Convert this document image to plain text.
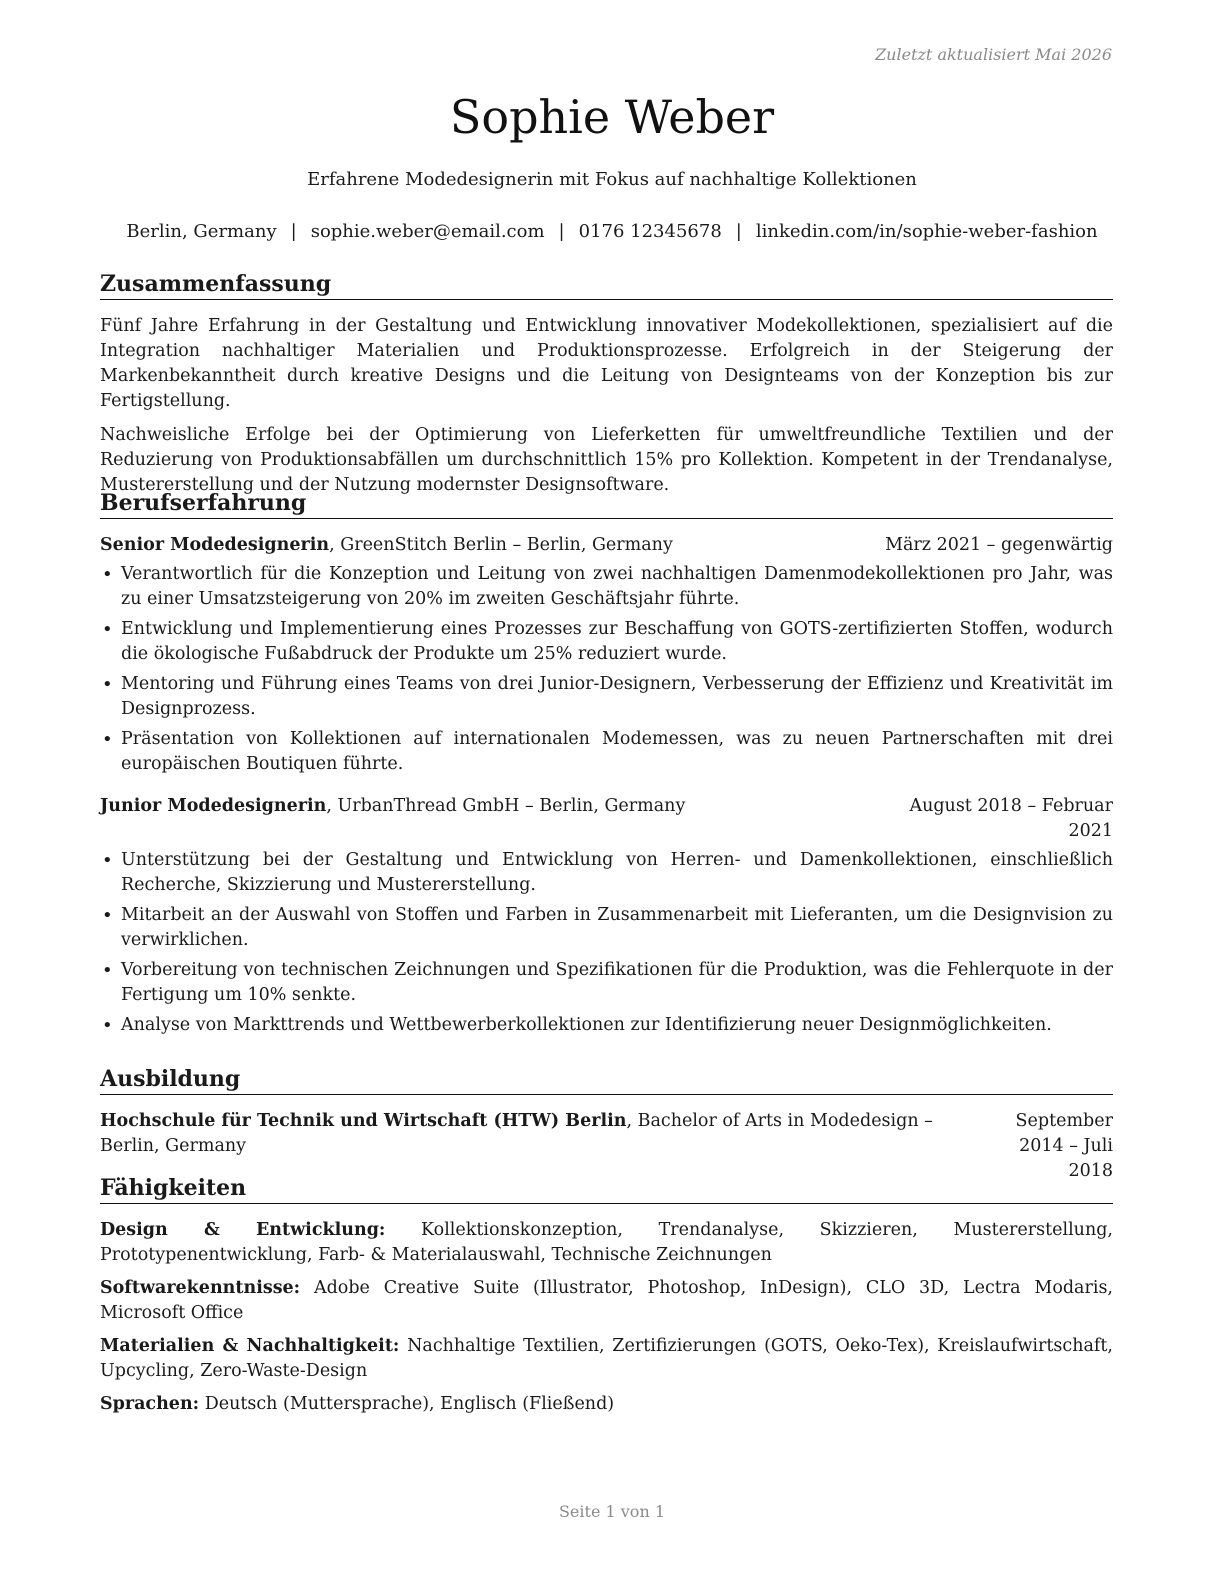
Zuletzt aktualisiert Mai 2026
Sophie Weber
Erfahrene Modedesignerin mit Fokus auf nachhaltige Kollektionen
Berlin, Germany | sophie.weber@email.com | 0176 12345678 | linkedin.com/in/sophie-weber-fashion
Zusammenfassung

Fünf Jahre Erfahrung in der Gestaltung und Entwicklung innovativer Modekollektionen, spezialisiert auf die Integration nachhaltiger Materialien und Produktionsprozesse. Erfolgreich in der Steigerung der Markenbekanntheit durch kreative Designs und die Leitung von Designteams von der Konzeption bis zur Fertigstellung.

Nachweisliche Erfolge bei der Optimierung von Lieferketten für umweltfreundliche Textilien und der Reduzierung von Produktionsabfällen um durchschnittlich 15% pro Kollektion. Kompetent in der Trendanalyse, Mustererstellung und der Nutzung modernster Designsoftware.

Berufserfahrung
Senior Modedesignerin, GreenStitch Berlin – Berlin, Germany	März 2021 – gegenwärtig
• Verantwortlich für die Konzeption und Leitung von zwei nachhaltigen Damenmodekollektionen pro Jahr, was zu einer Umsatzsteigerung von 20% im zweiten Geschäftsjahr führte.
• Entwicklung und Implementierung eines Prozesses zur Beschaffung von GOTS-zertifizierten Stoffen, wodurch die ökologische Fußabdruck der Produkte um 25% reduziert wurde.
• Mentoring und Führung eines Teams von drei Junior-Designern, Verbesserung der Effizienz und Kreativität im Designprozess.
• Präsentation von Kollektionen auf internationalen Modemessen, was zu neuen Partnerschaften mit drei europäischen Boutiquen führte.
Junior Modedesignerin, UrbanThread GmbH – Berlin, Germany	August 2018 – Februar 2021
• Unterstützung bei der Gestaltung und Entwicklung von Herren- und Damenkollektionen, einschließlich Recherche, Skizzierung und Mustererstellung.
• Mitarbeit an der Auswahl von Stoffen und Farben in Zusammenarbeit mit Lieferanten, um die Designvision zu verwirklichen.
• Vorbereitung von technischen Zeichnungen und Spezifikationen für die Produktion, was die Fehlerquote in der Fertigung um 10% senkte.
• Analyse von Markttrends und Wettbewerberkollektionen zur Identifizierung neuer Designmöglichkeiten.
Ausbildung
Hochschule für Technik und Wirtschaft (HTW) Berlin, Bachelor of Arts in Modedesign – Berlin, Germany
September 2014 – Juli 2018
Fähigkeiten
Design & Entwicklung: Kollektionskonzeption, Trendanalyse, Skizzieren, Mustererstellung, Prototypenentwicklung, Farb- & Materialauswahl, Technische Zeichnungen
Softwarekenntnisse: Adobe Creative Suite (Illustrator, Photoshop, InDesign), CLO 3D, Lectra Modaris, Microsoft Office
Materialien & Nachhaltigkeit: Nachhaltige Textilien, Zertifizierungen (GOTS, Oeko-Tex), Kreislaufwirtschaft, Upcycling, Zero-Waste-Design
Sprachen: Deutsch (Muttersprache), Englisch (Fließend)
Seite 1 von 1
